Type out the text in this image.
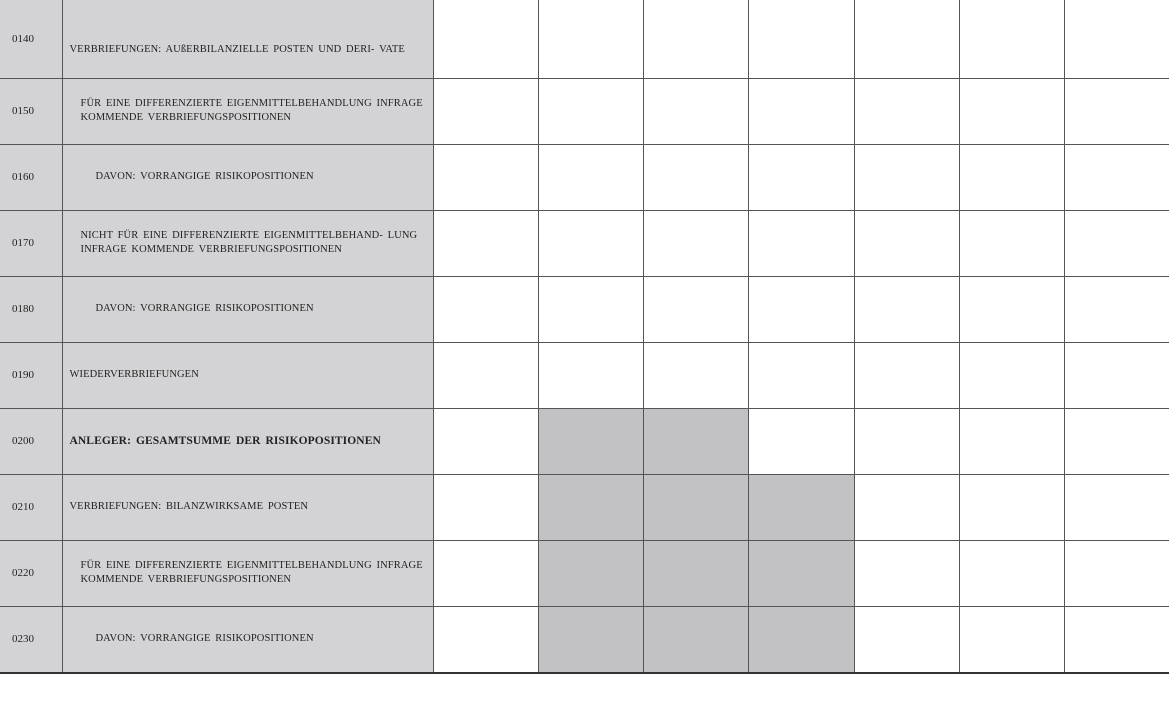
0140	VERBRIEFUNGEN: AUßERBILANZIELLE POSTEN UND DERI- VATE							

0150	FÜR EINE DIFFERENZIERTE EIGENMITTELBEHANDLUNG INFRAGE KOMMENDE VERBRIEFUNGSPOSITIONEN							

0160	DAVON: VORRANGIGE RISIKOPOSITIONEN							

0170	NICHT FÜR EINE DIFFERENZIERTE EIGENMITTELBEHAND- LUNG INFRAGE KOMMENDE VERBRIEFUNGSPOSITIONEN							

0180	DAVON: VORRANGIGE RISIKOPOSITIONEN							

0190	WIEDERVERBRIEFUNGEN							

0200	ANLEGER: GESAMTSUMME DER RISIKOPOSITIONEN							

0210	VERBRIEFUNGEN: BILANZWIRKSAME POSTEN							

0220	FÜR EINE DIFFERENZIERTE EIGENMITTELBEHANDLUNG INFRAGE KOMMENDE VERBRIEFUNGSPOSITIONEN							

0230	DAVON: VORRANGIGE RISIKOPOSITIONEN							
